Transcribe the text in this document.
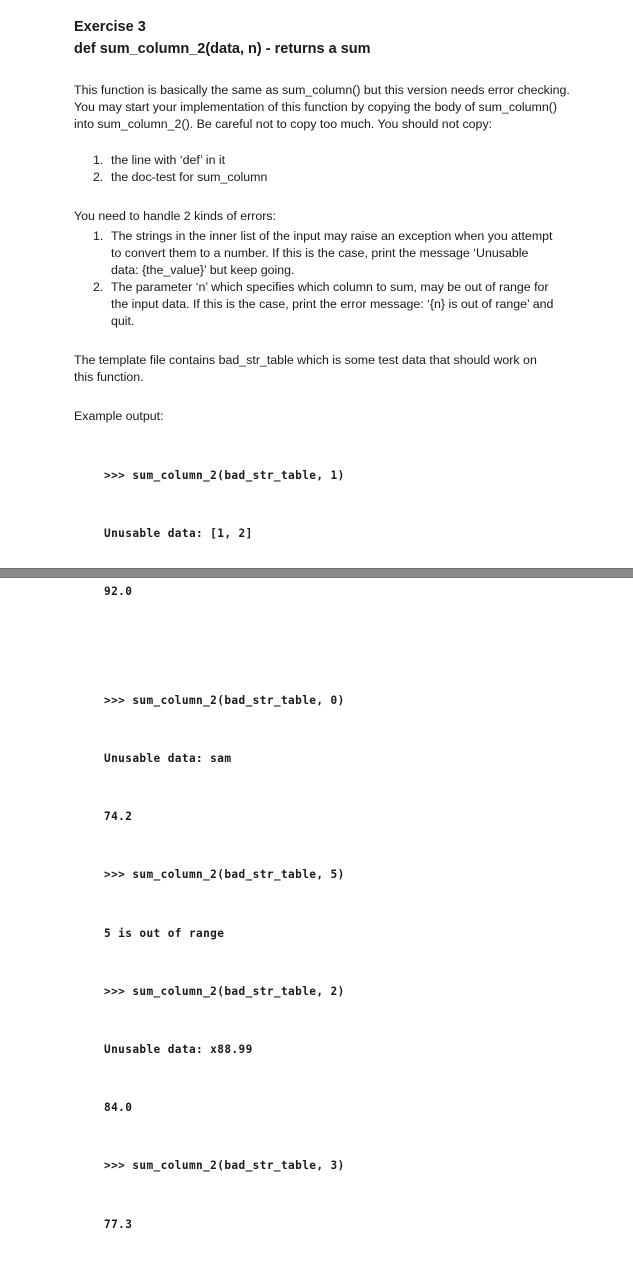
Exercise 3

def sum_column_2(data, n) - returns a sum

This function is basically the same as sum_column() but this version needs error checking. You may start your implementation of this function by copying the body of sum_column() into sum_column_2(). Be careful not to copy too much. You should not copy:

1. the line with ‘def’ in it
2. the doc-test for sum_column

You need to handle 2 kinds of errors:

1. The strings in the inner list of the input may raise an exception when you attempt to convert them to a number. If this is the case, print the message ‘Unusable data: {the_value}’ but keep going.
2. The parameter ‘n’ which specifies which column to sum, may be out of range for the input data. If this is the case, print the error message: ‘{n} is out of range’ and quit.

The template file contains bad_str_table which is some test data that should work on this function.

Example output:

>>> sum_column_2(bad_str_table, 1)

Unusable data: [1, 2]

92.0

>>> sum_column_2(bad_str_table, 0)

Unusable data: sam

74.2

>>> sum_column_2(bad_str_table, 5)

5 is out of range

>>> sum_column_2(bad_str_table, 2)

Unusable data: x88.99

84.0

>>> sum_column_2(bad_str_table, 3)

77.3
